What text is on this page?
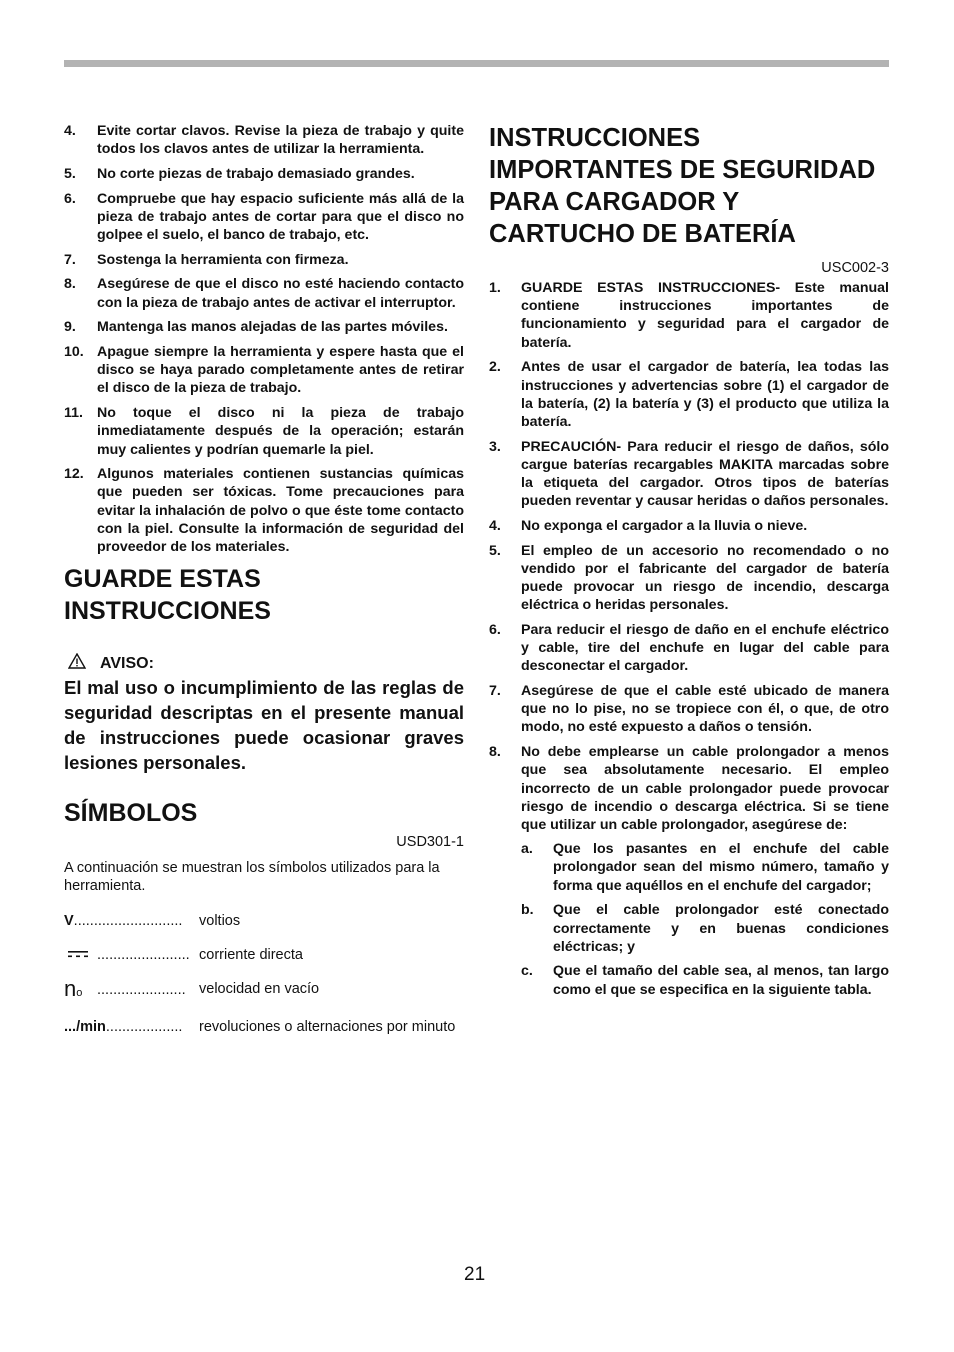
4.	Evite cortar clavos. Revise la pieza de trabajo y quite todos los clavos antes de utilizar la herramienta.
5.	No corte piezas de trabajo demasiado grandes.
6.	Compruebe que hay espacio suficiente más allá de la pieza de trabajo antes de cortar para que el disco no golpee el suelo, el banco de trabajo, etc.
7.	Sostenga la herramienta con firmeza.
8.	Asegúrese de que el disco no esté haciendo contacto con la pieza de trabajo antes de activar el interruptor.
9.	Mantenga las manos alejadas de las partes móviles.
10. Apague siempre la herramienta y espere hasta que el disco se haya parado completamente antes de retirar el disco de la pieza de trabajo.
11. No toque el disco ni la pieza de trabajo inmediatamente después de la operación; estarán muy calientes y podrían quemarle la piel.
12. Algunos materiales contienen sustancias químicas que pueden ser tóxicas. Tome precauciones para evitar la inhalación de polvo o que éste tome contacto con la piel. Consulte la información de seguridad del proveedor de los materiales.
GUARDE ESTAS INSTRUCCIONES
AVISO:
El mal uso o incumplimiento de las reglas de seguridad descriptas en el presente manual de instrucciones puede ocasionar graves lesiones personales.
SÍMBOLOS
USD301-1
A continuación se muestran los símbolos utilizados para la herramienta.
V...........................	voltios
....................... corriente directa
no ...................... velocidad en vacío
.../min...................	revoluciones o alternaciones por minuto
INSTRUCCIONES IMPORTANTES DE SEGURIDAD PARA CARGADOR Y CARTUCHO DE BATERÍA
USC002-3
1.	GUARDE ESTAS INSTRUCCIONES- Este manual contiene instrucciones importantes de funcionamiento y seguridad para el cargador de batería.
2.	Antes de usar el cargador de batería, lea todas las instrucciones y advertencias sobre (1) el cargador de la batería, (2) la batería y (3) el producto que utiliza la batería.
3.	PRECAUCIÓN- Para reducir el riesgo de daños, sólo cargue baterías recargables MAKITA marcadas sobre la etiqueta del cargador. Otros tipos de baterías pueden reventar y causar heridas o daños personales.
4.	No exponga el cargador a la lluvia o nieve.
5.	El empleo de un accesorio no recomendado o no vendido por el fabricante del cargador de batería puede provocar un riesgo de incendio, descarga eléctrica o heridas personales.
6.	Para reducir el riesgo de daño en el enchufe eléctrico y cable, tire del enchufe en lugar del cable para desconectar el cargador.
7.	Asegúrese de que el cable esté ubicado de manera que no lo pise, no se tropiece con él, o que, de otro modo, no esté expuesto a daños o tensión.
8.	No debe emplearse un cable prolongador a menos que sea absolutamente necesario. El empleo incorrecto de un cable prolongador puede provocar riesgo de incendio o descarga eléctrica. Si se tiene que utilizar un cable prolongador, asegúrese de:
a.	Que los pasantes en el enchufe del cable prolongador sean del mismo número, tamaño y forma que aquéllos en el enchufe del cargador;
b.	Que el cable prolongador esté conectado correctamente y en buenas condiciones eléctricas; y
c.	Que el tamaño del cable sea, al menos, tan largo como el que se especifica en la siguiente tabla.
21
